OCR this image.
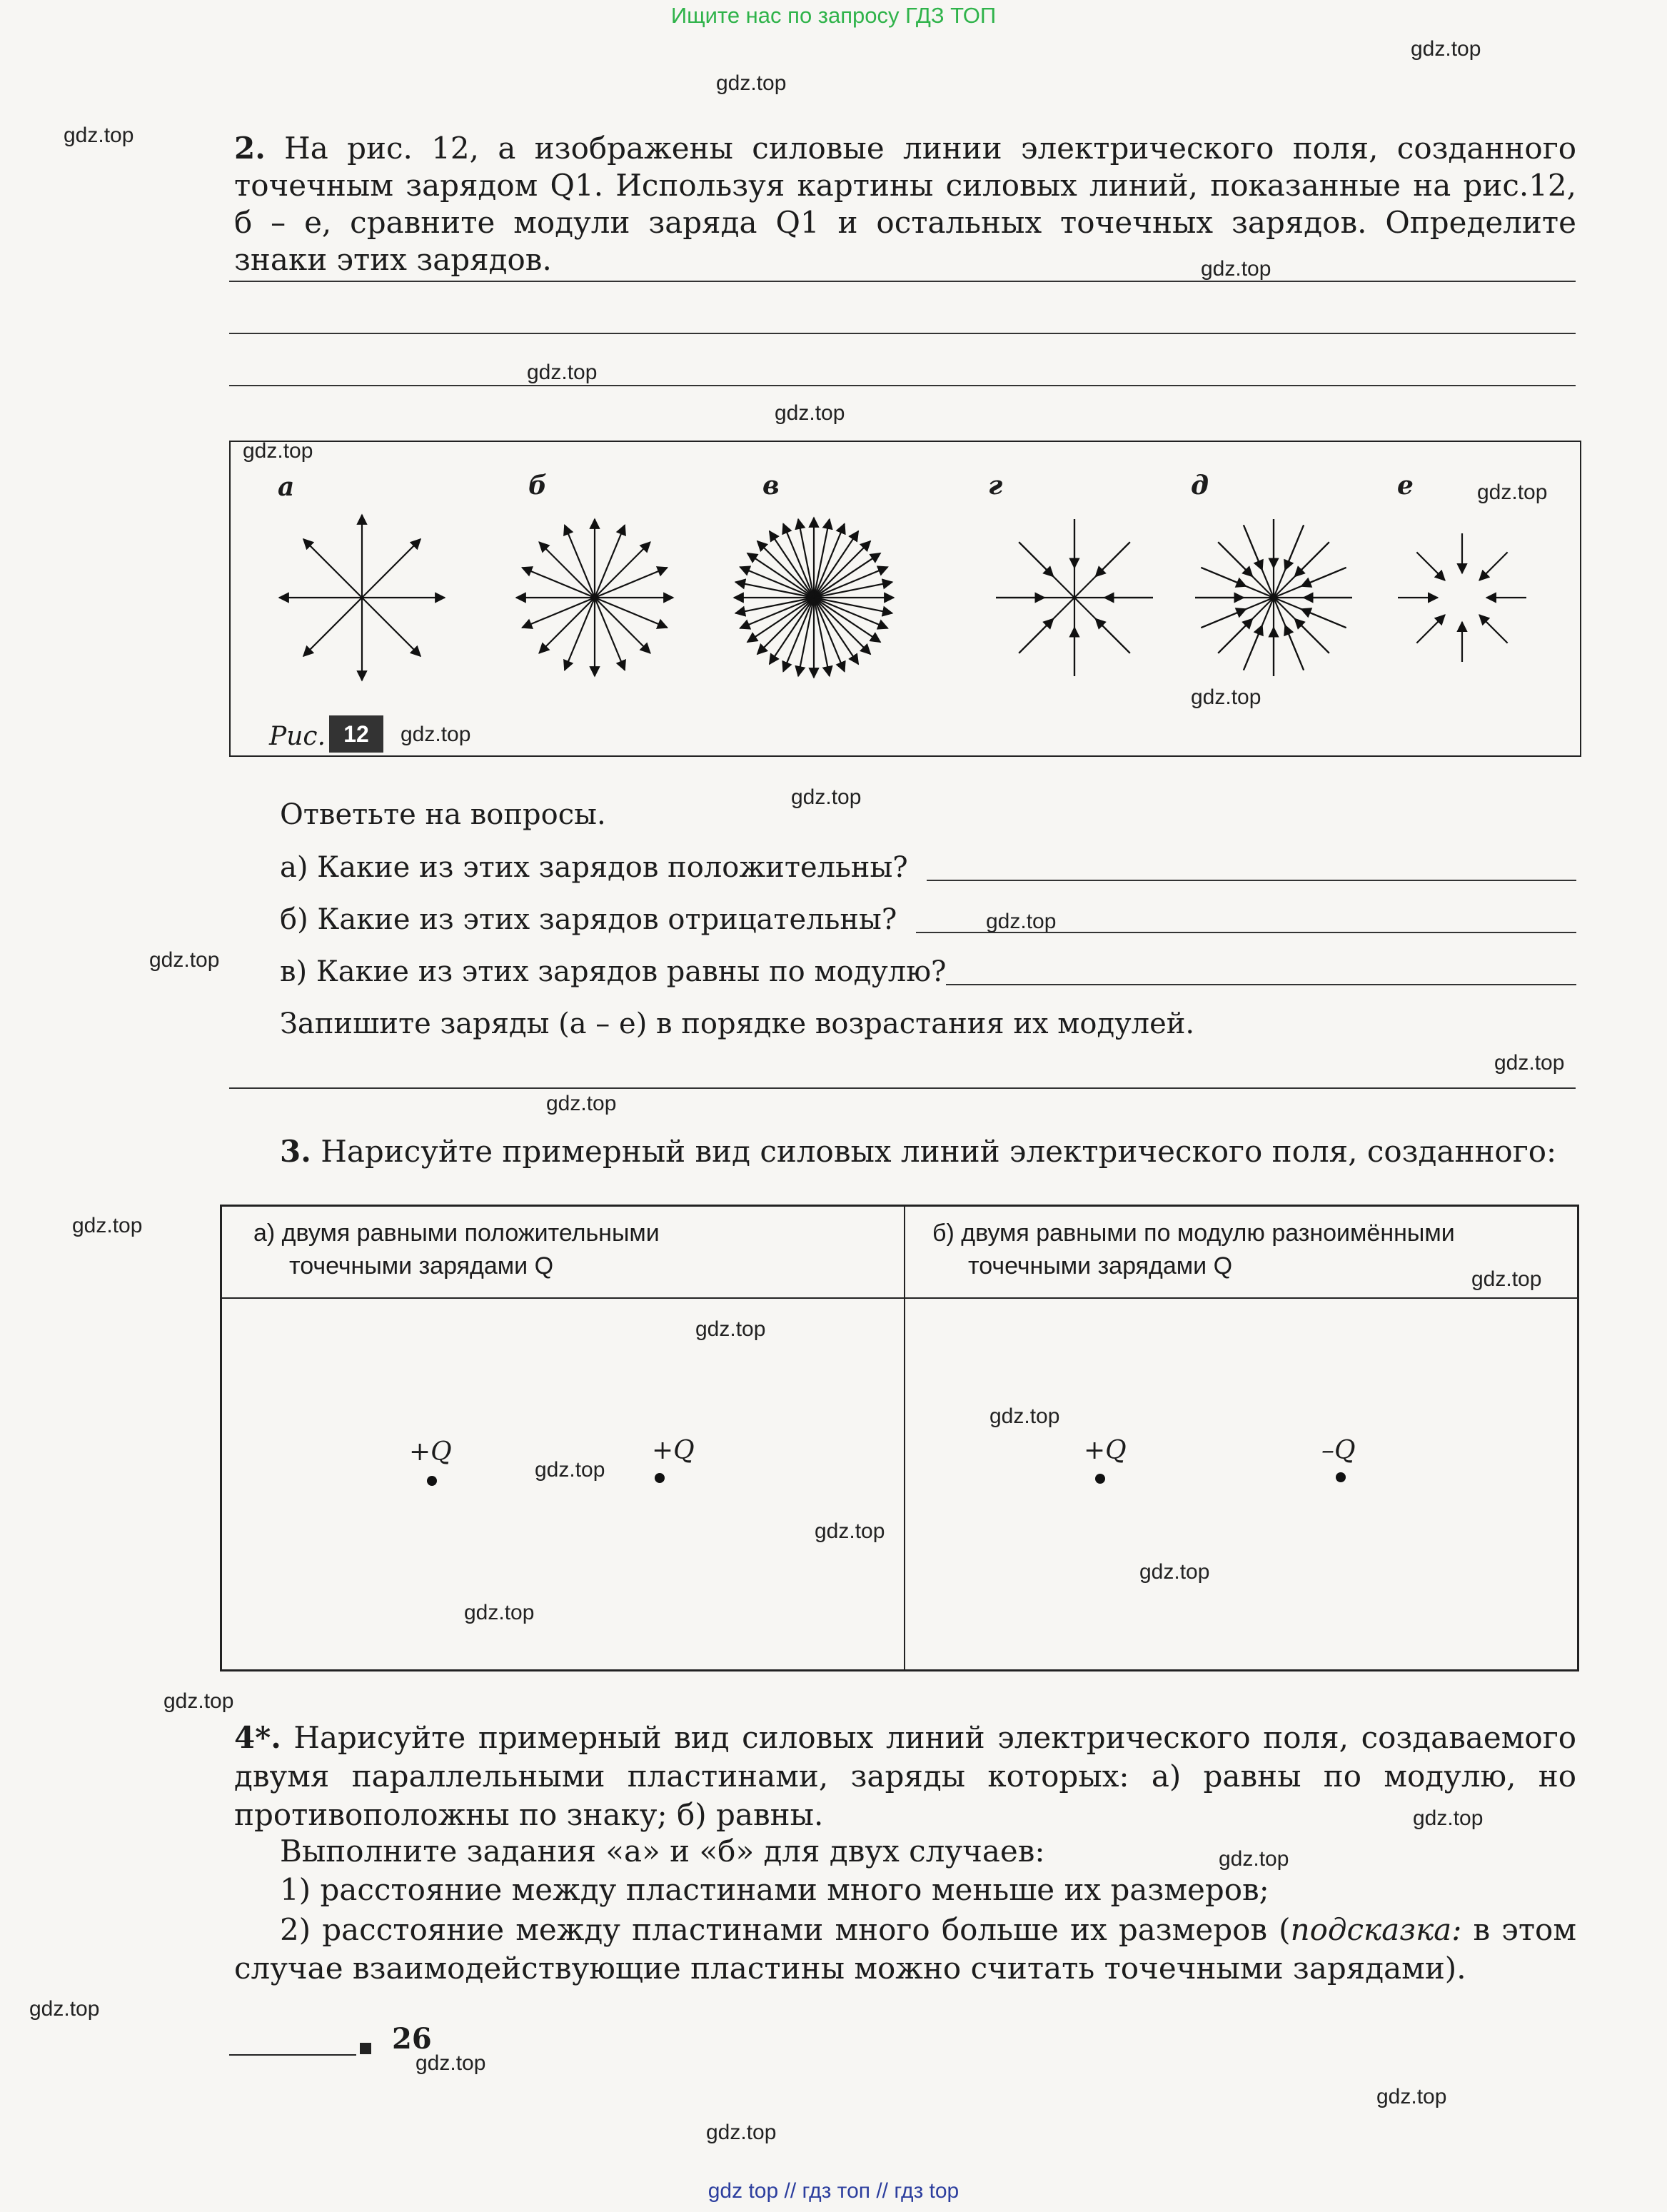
Ищите нас по запросу ГДЗ ТОП
gdz.top
gdz.top
gdz.top
gdz.top
gdz.top
gdz.top
gdz.top
gdz.top
gdz.top
gdz.top
gdz.top
gdz.top
gdz.top
gdz.top
gdz.top
gdz.top
gdz.top
gdz.top
gdz.top
gdz.top
gdz.top
gdz.top
gdz.top
gdz.top
gdz.top
gdz.top
gdz.top
gdz.top
gdz.top
gdz.top
2. На рис. 12, a изображены силовые линии электрического поля, созданного точечным зарядом Q1. Используя картины силовых линий, показанные на рис.12, б – е, сравните модули заряда Q1 и остальных точечных зарядов. Определите знаки этих зарядов.
а	б	в	г	д	е
Рис. 12
Ответьте на вопросы.
а) Какие из этих зарядов положительны?
б) Какие из этих зарядов отрицательны?
в) Какие из этих зарядов равны по модулю?
Запишите заряды (а – е) в порядке возрастания их модулей.
3. Нарисуйте примерный вид силовых линий электрического поля, созданного:
а) двумя равными положительными
точечными зарядами Q
б) двумя равными по модулю разноимёнными
точечными зарядами Q
+Q	+Q	+Q	–Q
4*. Нарисуйте примерный вид силовых линий электрического поля, создаваемого двумя параллельными пластинами, заряды которых: а) равны по модулю, но противоположны по знаку; б) равны.
Выполните задания «а» и «б» для двух случаев:
1) расстояние между пластинами много меньше их размеров;
2) расстояние между пластинами много больше их размеров (подсказка: в этом случае взаимодействующие пластины можно считать точечными зарядами).
26
gdz top // гдз топ // гдз top
